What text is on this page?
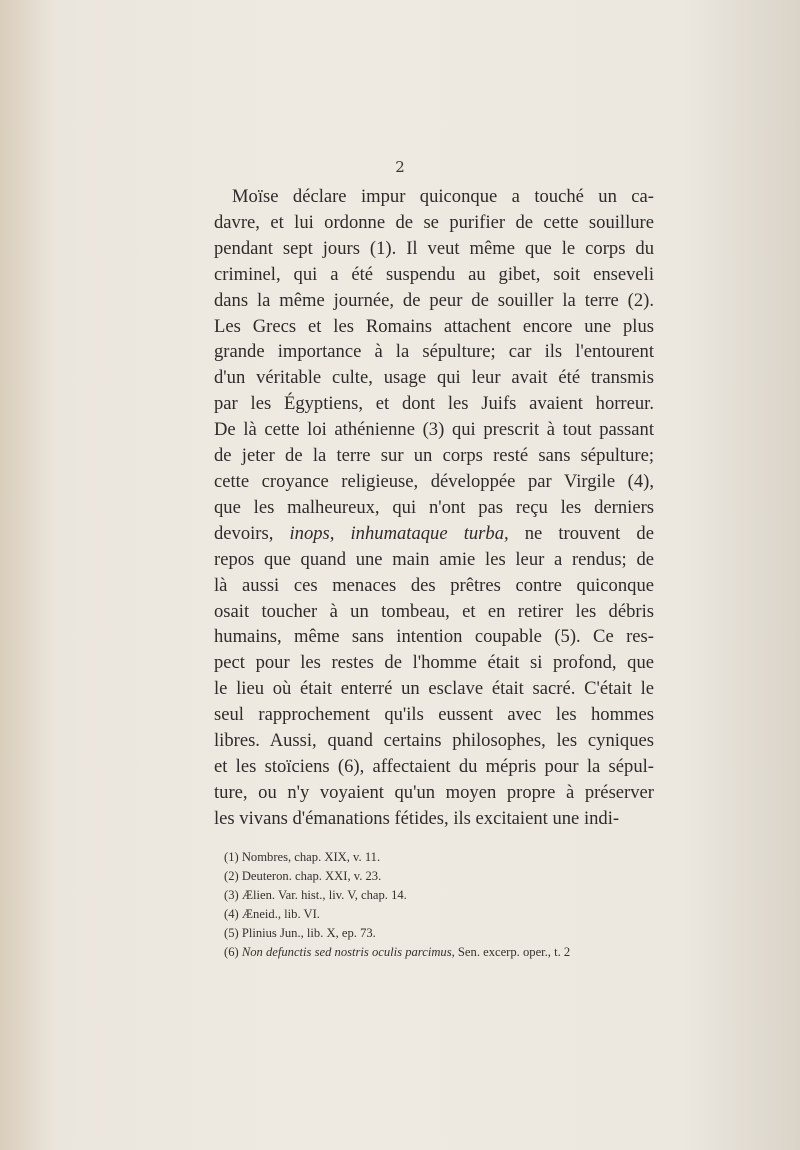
2
Moïse déclare impur quiconque a touché un ca-
davre, et lui ordonne de se purifier de cette souillure
pendant sept jours (1). Il veut même que le corps du
criminel, qui a été suspendu au gibet, soit enseveli
dans la même journée, de peur de souiller la terre (2).
Les Grecs et les Romains attachent encore une plus
grande importance à la sépulture; car ils l'entourent
d'un véritable culte, usage qui leur avait été transmis
par les Égyptiens, et dont les Juifs avaient horreur.
De là cette loi athénienne (3) qui prescrit à tout passant
de jeter de la terre sur un corps resté sans sépulture;
cette croyance religieuse, développée par Virgile (4),
que les malheureux, qui n'ont pas reçu les derniers
devoirs, inops, inhumataque turba, ne trouvent de
repos que quand une main amie les leur a rendus; de
là aussi ces menaces des prêtres contre quiconque
osait toucher à un tombeau, et en retirer les débris
humains, même sans intention coupable (5). Ce res-
pect pour les restes de l'homme était si profond, que
le lieu où était enterré un esclave était sacré. C'était le
seul rapprochement qu'ils eussent avec les hommes
libres. Aussi, quand certains philosophes, les cyniques
et les stoïciens (6), affectaient du mépris pour la sépul-
ture, ou n'y voyaient qu'un moyen propre à préserver
les vivans d'émanations fétides, ils excitaient une indi-
(1) Nombres, chap. XIX, v. 11.
(2) Deuteron. chap. XXI, v. 23.
(3) Ælien. Var. hist., liv. V, chap. 14.
(4) Æneid., lib. VI.
(5) Plinius Jun., lib. X, ep. 73.
(6) Non defunctis sed nostris oculis parcimus, Sen. excerp. oper., t. 2
